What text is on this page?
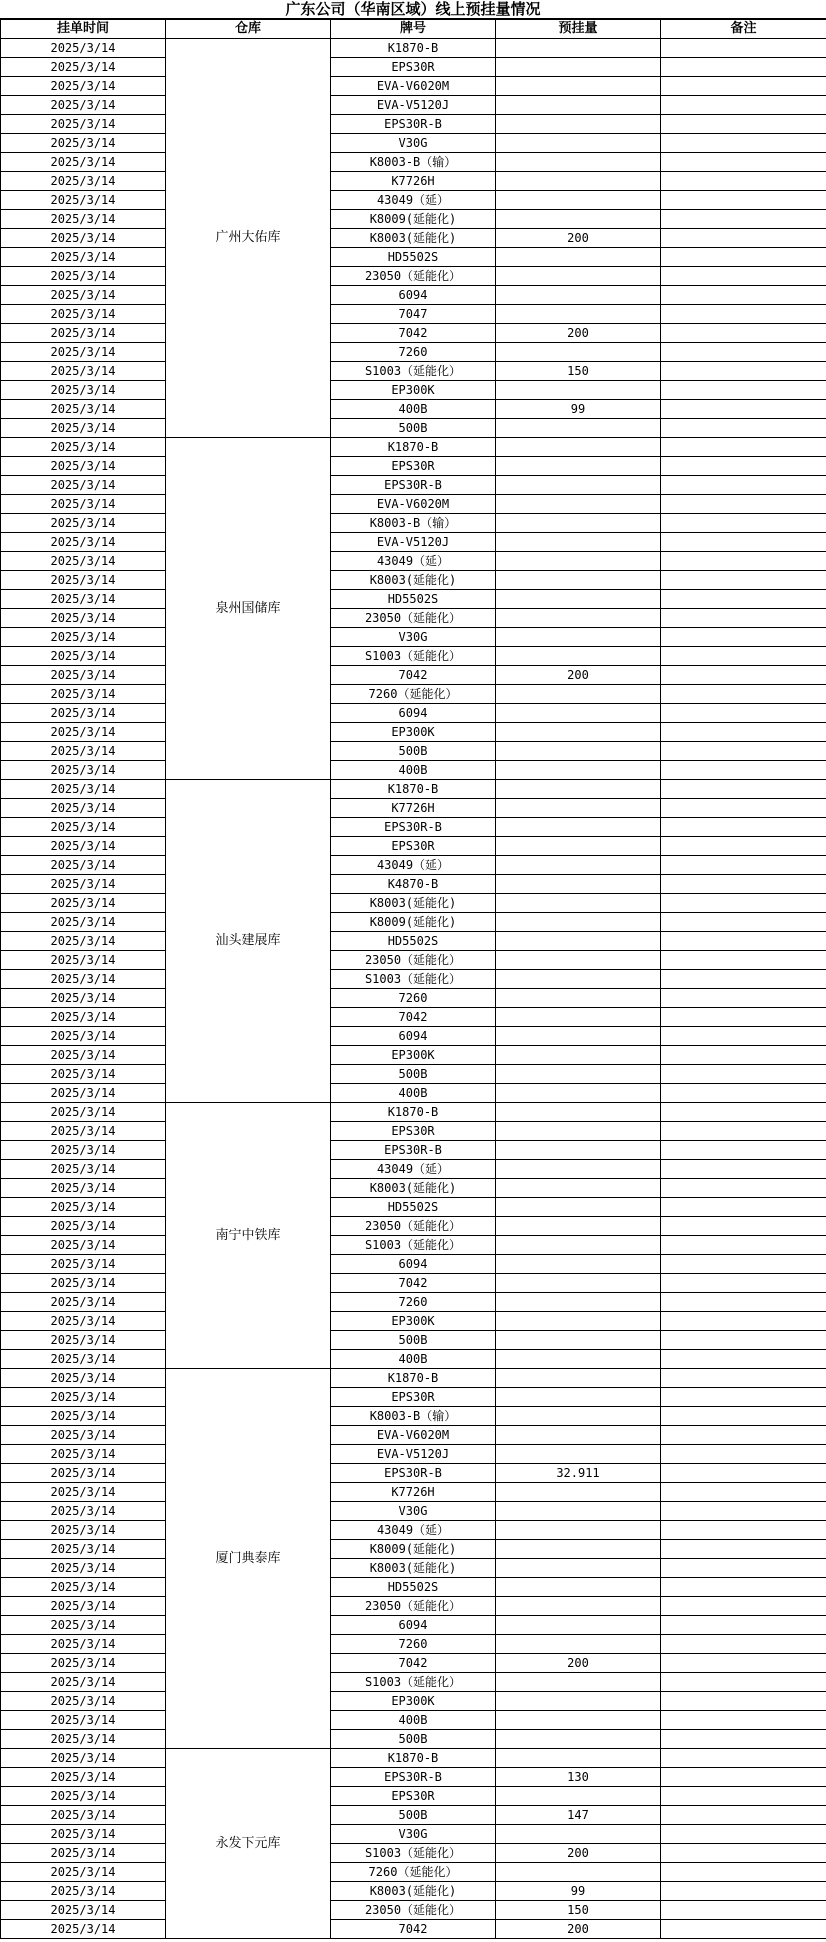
广东公司（华南区域）线上预挂量情况
挂单时间	仓库	牌号	预挂量	备注
2025/3/14	广州大佑库	K1870-B		
2025/3/14		EPS30R		
2025/3/14		EVA-V6020M		
2025/3/14		EVA-V5120J		
2025/3/14		EPS30R-B		
2025/3/14		V30G		
2025/3/14		K8003-B（输）		
2025/3/14		K7726H		
2025/3/14		43049（延）		
2025/3/14		K8009(延能化)		
2025/3/14		K8003(延能化)	200	
2025/3/14		HD5502S		
2025/3/14		23050（延能化）		
2025/3/14		6094		
2025/3/14		7047		
2025/3/14		7042	200	
2025/3/14		7260		
2025/3/14		S1003（延能化）	150	
2025/3/14		EP300K		
2025/3/14		400B	99	
2025/3/14		500B		
2025/3/14	泉州国储库	K1870-B		
2025/3/14		EPS30R		
2025/3/14		EPS30R-B		
2025/3/14		EVA-V6020M		
2025/3/14		K8003-B（输）		
2025/3/14		EVA-V5120J		
2025/3/14		43049（延）		
2025/3/14		K8003(延能化)		
2025/3/14		HD5502S		
2025/3/14		23050（延能化）		
2025/3/14		V30G		
2025/3/14		S1003（延能化）		
2025/3/14		7042	200	
2025/3/14		7260（延能化）		
2025/3/14		6094		
2025/3/14		EP300K		
2025/3/14		500B		
2025/3/14		400B		
2025/3/14	汕头建展库	K1870-B		
2025/3/14		K7726H		
2025/3/14		EPS30R-B		
2025/3/14		EPS30R		
2025/3/14		43049（延）		
2025/3/14		K4870-B		
2025/3/14		K8003(延能化)		
2025/3/14		K8009(延能化)		
2025/3/14		HD5502S		
2025/3/14		23050（延能化）		
2025/3/14		S1003（延能化）		
2025/3/14		7260		
2025/3/14		7042		
2025/3/14		6094		
2025/3/14		EP300K		
2025/3/14		500B		
2025/3/14		400B		
2025/3/14	南宁中铁库	K1870-B		
2025/3/14		EPS30R		
2025/3/14		EPS30R-B		
2025/3/14		43049（延）		
2025/3/14		K8003(延能化)		
2025/3/14		HD5502S		
2025/3/14		23050（延能化）		
2025/3/14		S1003（延能化）		
2025/3/14		6094		
2025/3/14		7042		
2025/3/14		7260		
2025/3/14		EP300K		
2025/3/14		500B		
2025/3/14		400B		
2025/3/14	厦门典泰库	K1870-B		
2025/3/14		EPS30R		
2025/3/14		K8003-B（输）		
2025/3/14		EVA-V6020M		
2025/3/14		EVA-V5120J		
2025/3/14		EPS30R-B	32.911	
2025/3/14		K7726H		
2025/3/14		V30G		
2025/3/14		43049（延）		
2025/3/14		K8009(延能化)		
2025/3/14		K8003(延能化)		
2025/3/14		HD5502S		
2025/3/14		23050（延能化）		
2025/3/14		6094		
2025/3/14		7260		
2025/3/14		7042	200	
2025/3/14		S1003（延能化）		
2025/3/14		EP300K		
2025/3/14		400B		
2025/3/14		500B		
2025/3/14	永发下元库	K1870-B		
2025/3/14		EPS30R-B	130	
2025/3/14		EPS30R		
2025/3/14		500B	147	
2025/3/14		V30G		
2025/3/14		S1003（延能化）	200	
2025/3/14		7260（延能化）		
2025/3/14		K8003(延能化)	99	
2025/3/14		23050（延能化）	150	
2025/3/14		7042	200	
